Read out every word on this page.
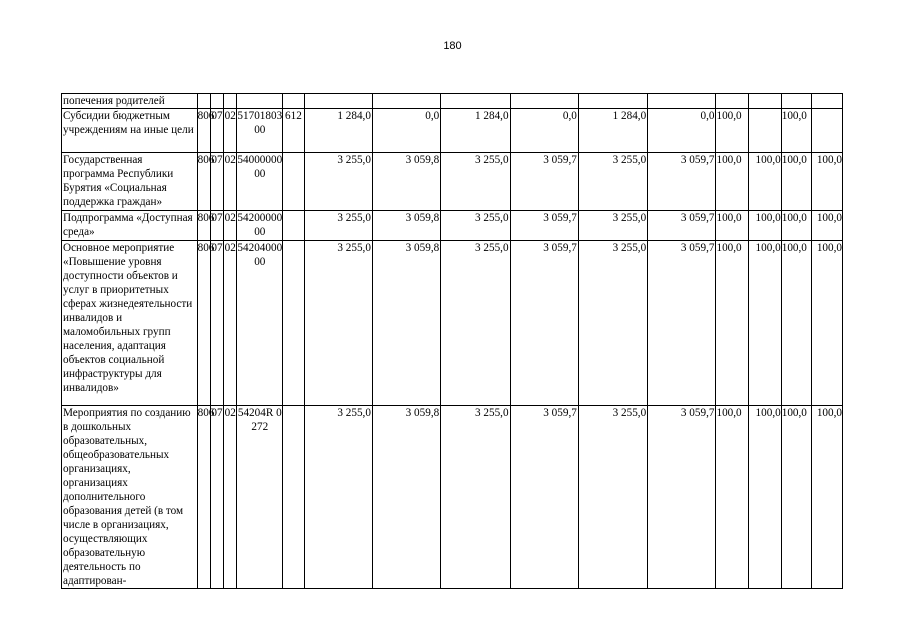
180
попечения родителей															
Субсидии бюджетным учреждениям на иные цели	806	07	02	5170180300	612	1 284,0	0,0	1 284,0	0,0	1 284,0	0,0	100,0		100,0	
Государственная программа Республики Бурятия «Социальная поддержка граждан»	806	07	02	5400000000		3 255,0	3 059,8	3 255,0	3 059,7	3 255,0	3 059,7	100,0	100,0	100,0	100,0
Подпрограмма «Доступная среда»	806	07	02	5420000000		3 255,0	3 059,8	3 255,0	3 059,7	3 255,0	3 059,7	100,0	100,0	100,0	100,0
Основное мероприятие «Повышение уровня доступности объектов и услуг в приоритетных сферах жизнедеятельности инвалидов и маломобильных групп населения, адаптация объектов социальной инфраструктуры для инвалидов»	806	07	02	5420400000		3 255,0	3 059,8	3 255,0	3 059,7	3 255,0	3 059,7	100,0	100,0	100,0	100,0
Мероприятия по созданию в дошкольных образовательных, общеобразовательных организациях, организациях дополнительного образования детей (в том числе в организациях, осуществляющих образовательную деятельность по адаптирован-	806	07	02	54204R 0272		3 255,0	3 059,8	3 255,0	3 059,7	3 255,0	3 059,7	100,0	100,0	100,0	100,0
